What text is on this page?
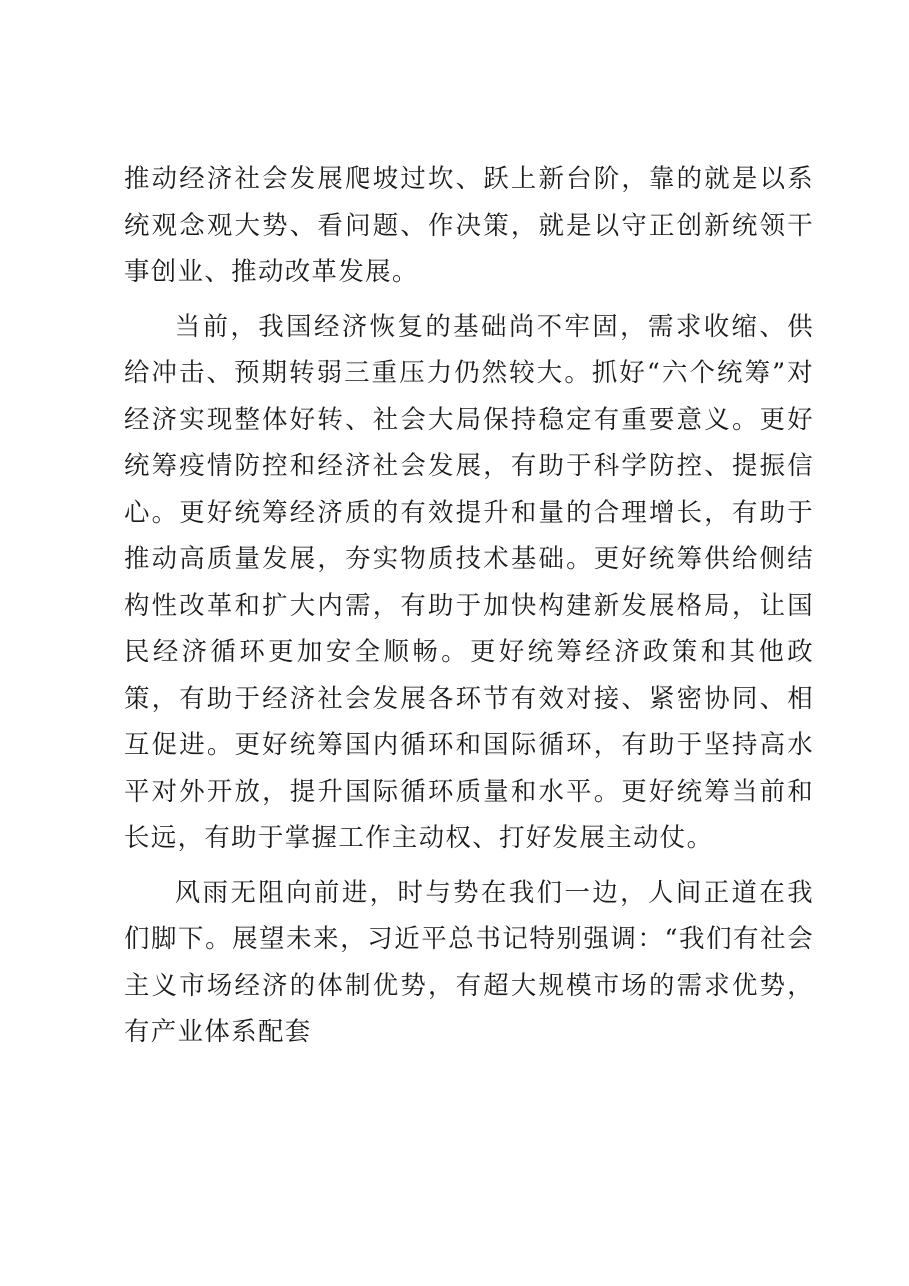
推动经济社会发展爬坡过坎、跃上新台阶，靠的就是以系统观念观大势、看问题、作决策，就是以守正创新统领干事创业、推动改革发展。

当前，我国经济恢复的基础尚不牢固，需求收缩、供给冲击、预期转弱三重压力仍然较大。抓好“六个统筹”对经济实现整体好转、社会大局保持稳定有重要意义。更好统筹疫情防控和经济社会发展，有助于科学防控、提振信心。更好统筹经济质的有效提升和量的合理增长，有助于推动高质量发展，夯实物质技术基础。更好统筹供给侧结构性改革和扩大内需，有助于加快构建新发展格局，让国民经济循环更加安全顺畅。更好统筹经济政策和其他政策，有助于经济社会发展各环节有效对接、紧密协同、相互促进。更好统筹国内循环和国际循环，有助于坚持高水平对外开放，提升国际循环质量和水平。更好统筹当前和长远，有助于掌握工作主动权、打好发展主动仗。

风雨无阻向前进，时与势在我们一边，人间正道在我们脚下。展望未来，习近平总书记特别强调：“我们有社会主义市场经济的体制优势，有超大规模市场的需求优势，有产业体系配套
